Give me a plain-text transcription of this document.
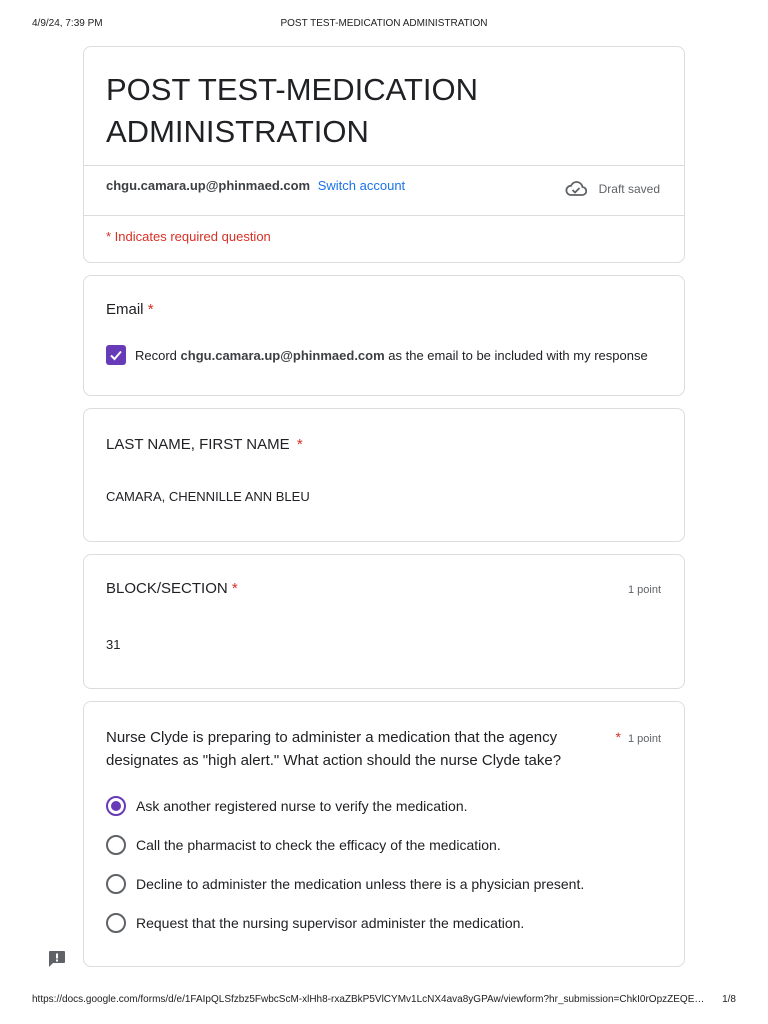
4/9/24, 7:39 PM	POST TEST-MEDICATION ADMINISTRATION
POST TEST-MEDICATION ADMINISTRATION
chgu.camara.up@phinmaed.com Switch account	Draft saved
* Indicates required question
Email *
Record chgu.camara.up@phinmaed.com as the email to be included with my response
LAST NAME, FIRST NAME *
CAMARA, CHENNILLE ANN BLEU
BLOCK/SECTION *	1 point
31
Nurse Clyde is preparing to administer a medication that the agency designates as "high alert." What action should the nurse Clyde take?
* 1 point
Ask another registered nurse to verify the medication.
Call the pharmacist to check the efficacy of the medication.
Decline to administer the medication unless there is a physician present.
Request that the nursing supervisor administer the medication.
https://docs.google.com/forms/d/e/1FAIpQLSfzbz5FwbcScM-xlHh8-rxaZBkP5VlCYMv1LcNX4ava8yGPAw/viewform?hr_submission=ChkI0rOpzZEQE…	1/8
